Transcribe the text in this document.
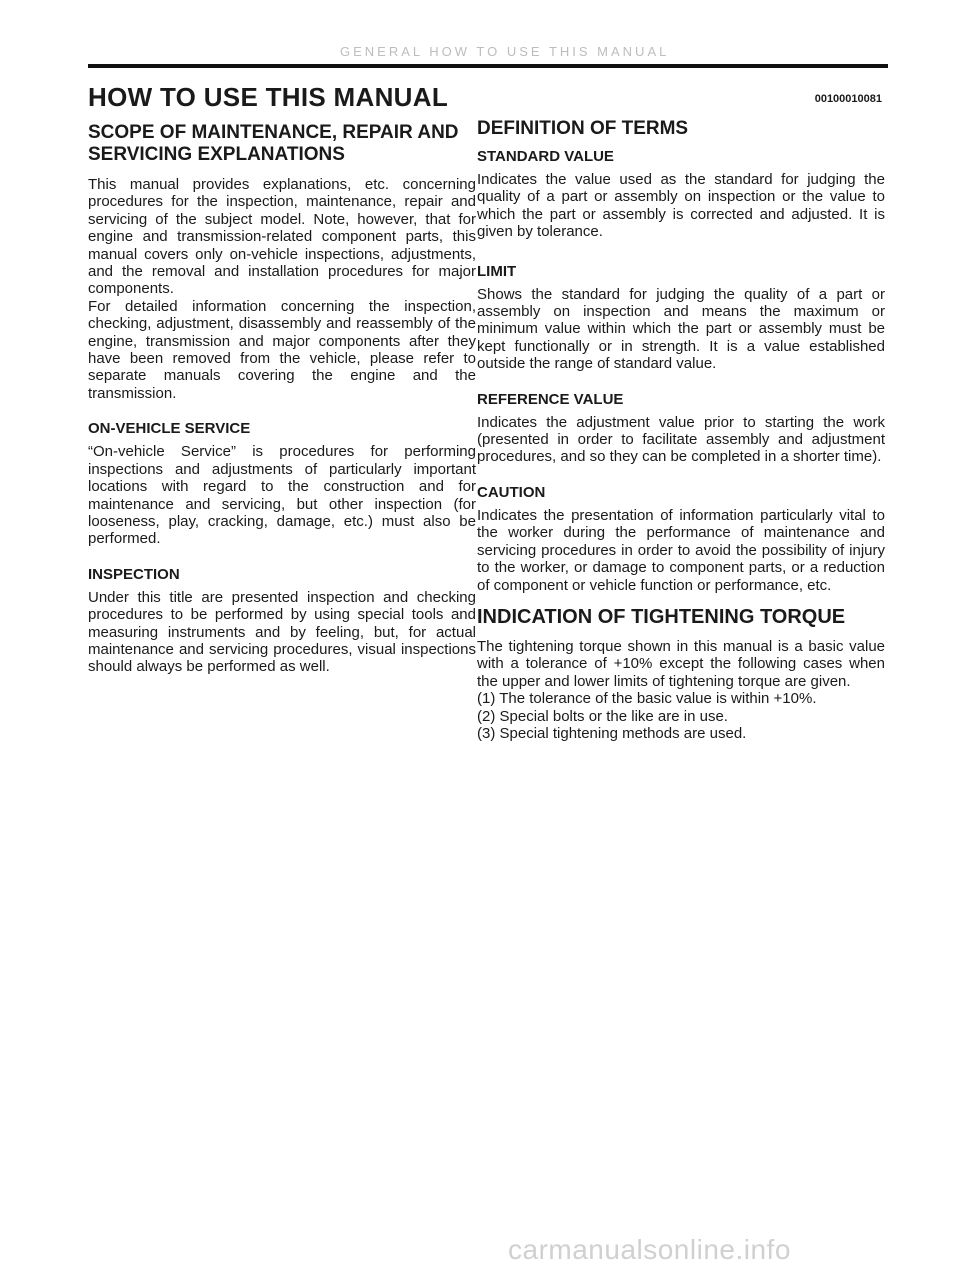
GENERAL HOW TO USE THIS MANUAL
HOW TO USE THIS MANUAL	00100010081
SCOPE OF MAINTENANCE, REPAIR AND SERVICING EXPLANATIONS

This manual provides explanations, etc. concerning procedures for the inspection, maintenance, repair and servicing of the subject model. Note, however, that for engine and transmission-related component parts, this manual covers only on-vehicle inspections, adjustments, and the removal and installation procedures for major components.

For detailed information concerning the inspection, checking, adjustment, disassembly and reassembly of the engine, transmission and major components after they have been removed from the vehicle, please refer to separate manuals covering the engine and the transmission.

ON-VEHICLE SERVICE

“On-vehicle Service” is procedures for performing inspections and adjustments of particularly important locations with regard to the construction and for maintenance and servicing, but other inspection (for looseness, play, cracking, damage, etc.) must also be performed.

INSPECTION

Under this title are presented inspection and checking procedures to be performed by using special tools and measuring instruments and by feeling, but, for actual maintenance and servicing procedures, visual inspections should always be performed as well.

DEFINITION OF TERMS
STANDARD VALUE

Indicates the value used as the standard for judging the quality of a part or assembly on inspection or the value to which the part or assembly is corrected and adjusted. It is given by tolerance.

LIMIT

Shows the standard for judging the quality of a part or assembly on inspection and means the maximum or minimum value within which the part or assembly must be kept functionally or in strength. It is a value established outside the range of standard value.

REFERENCE VALUE

Indicates the adjustment value prior to starting the work (presented in order to facilitate assembly and adjustment procedures, and so they can be completed in a shorter time).

CAUTION

Indicates the presentation of information particularly vital to the worker during the performance of maintenance and servicing procedures in order to avoid the possibility of injury to the worker, or damage to component parts, or a reduction of component or vehicle function or performance, etc.

INDICATION OF TIGHTENING TORQUE

The tightening torque shown in this manual is a basic value with a tolerance of +10% except the following cases when the upper and lower limits of tightening torque are given.

(1) The tolerance of the basic value is within +10%.
(2) Special bolts or the like are in use.
(3) Special tightening methods are used.
carmanualsonline.info
